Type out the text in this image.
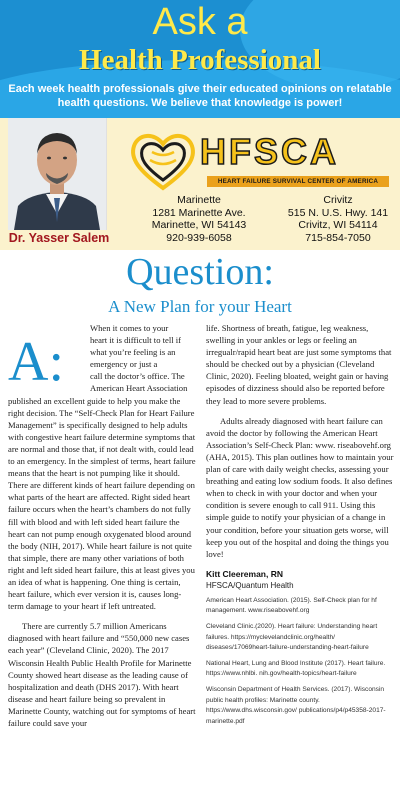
Ask a
Health Professional
Each week health professionals give their educated opinions on relatable health questions. We believe that knowledge is power!
Dr. Yasser Salem
HFSCA
HEART FAILURE SURVIVAL CENTER OF AMERICA
Marinette
1281 Marinette Ave.
Marinette, WI 54143
920-939-6058
Crivitz
515 N. U.S. Hwy. 141
Crivitz, WI 54114
715-854-7050
Question:
A New Plan for your Heart
A:
When it comes to your
heart it is difficult to tell if
what you’re feeling is an
emergency or just a
call the doctor’s office. The
American Heart Association

published an excellent guide to help you make the right decision. The “Self-Check Plan for Heart Failure Management” is specifically designed to help adults with congestive heart failure determine symptoms that are normal and those that, if not dealt with, could lead to an emergency. In the simplest of terms, heart failure means that the heart is not pumping like it should. There are different kinds of heart failure depending on what parts of the heart are affected. Right sided heart failure occurs when the heart’s chambers do not fully fill with blood and with left sided heart failure the heart can not pump enough oxygenated blood around the body (NIH, 2017). While heart failure is not quite that simple, there are many other variations of both right and left sided heart failure, this at least gives you an idea of what is happening. One thing is certain, heart failure, which ever version it is, causes long-term damage to your heart if left untreated.

There are currently 5.7 million Americans diagnosed with heart failure and “550,000 new cases each year” (Cleveland Clinic, 2020). The 2017 Wisconsin Health Public Health Profile for Marinette County showed heart disease as the leading cause of hospitalization and death (DHS 2017). With heart disease and heart failure being so prevalent in Marinette County, watching out for symptoms of heart failure could save your

life. Shortness of breath, fatigue, leg weakness, swelling in your ankles or legs or feeling an irregualr/rapid heart beat are just some symptoms that should be checked out by a physician (Cleveland Clinic, 2020). Feeling bloated, weight gain or having episodes of dizziness should also be reported before they lead to more severe problems.

Adults already diagnosed with heart failure can avoid the doctor by following the American Heart Association’s Self-Check Plan: www. riseabovehf.org (AHA, 2015). This plan outlines how to maintain your plan of care with daily weight checks, assessing your breathing and eating low sodium foods. It also defines when to check in with your doctor and when your condition is severe enough to call 911. Using this simple guide to notify your physician of a change in your condition, before your situation gets worse, will keep you out of the hospital and doing the things you love!

Kitt Cleereman, RN
HFSCA/Quantum Health
American Heart Association. (2015). Self-Check plan for hf management. www.riseabovehf.org
Cleveland Clinic.(2020). Heart failure: Understanding heart failures. https://myclevelandclinic.org/health/ diseases/17069heart-failure-understanding-heart-failure
National Heart, Lung and Blood Institute (2017). Heart failure. https://www.nhlbi. nih.gov/health-topics/heart-failure
Wisconsin Department of Health Services. (2017). Wisconsin public health profiles: Marinette county. https://www.dhs.wisconsin.gov/ publications/p4/p45358-2017-marinette.pdf
